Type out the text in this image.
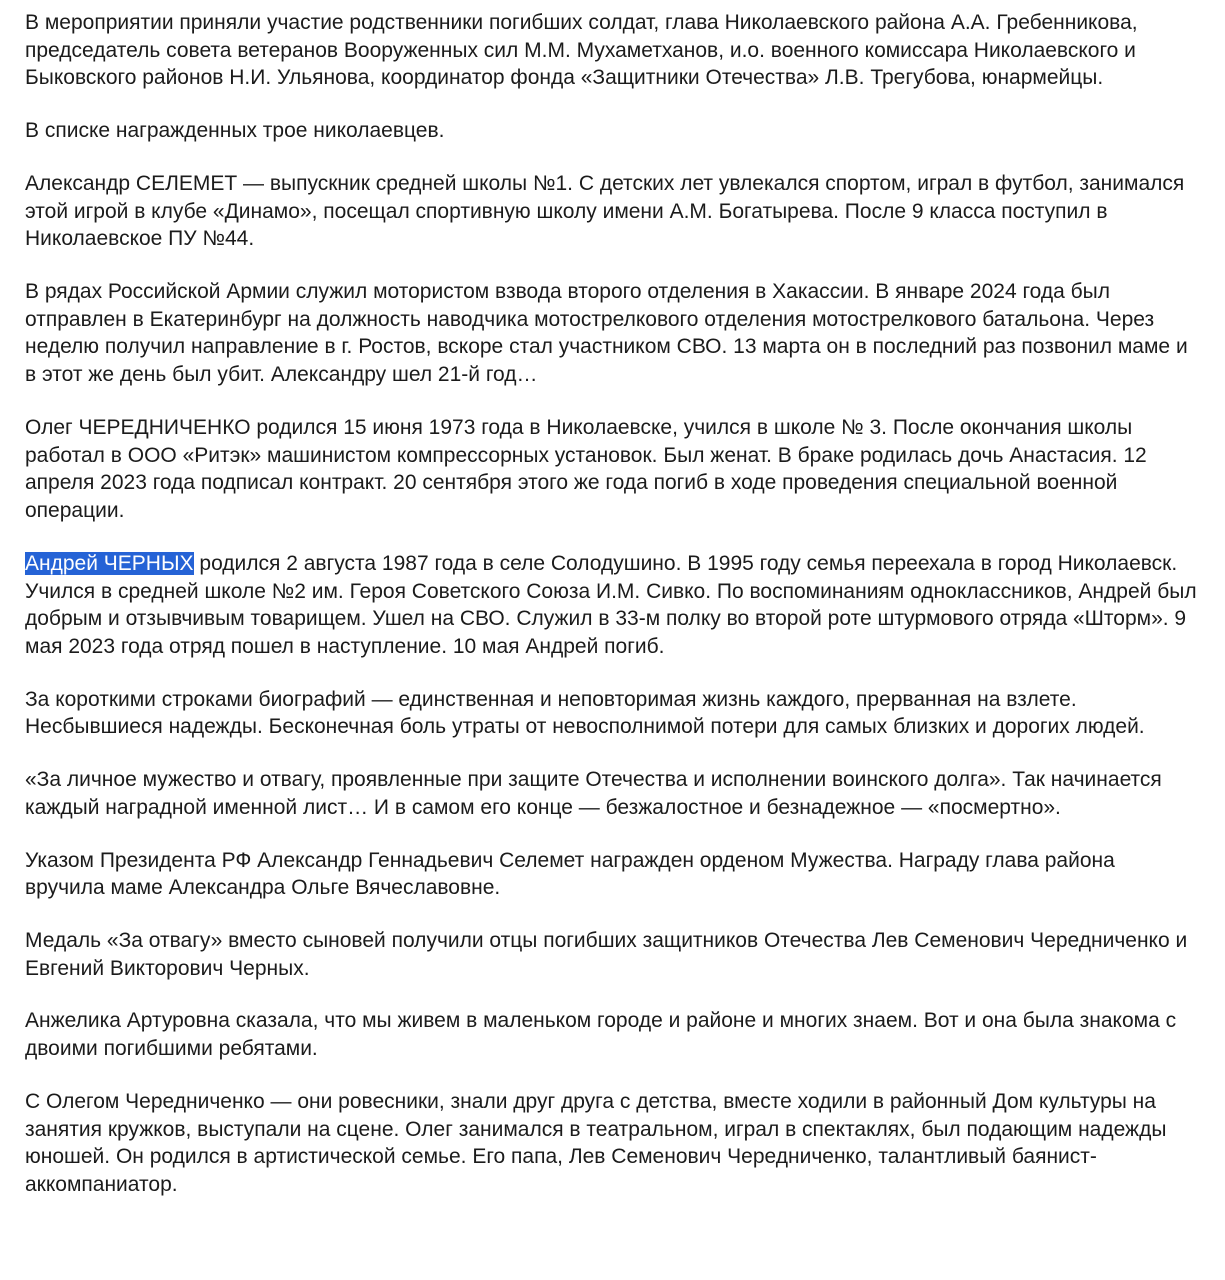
В мероприятии приняли участие родственники погибших солдат, глава Николаевского района А.А. Гребенникова, председатель совета ветеранов Вооруженных сил М.М. Мухаметханов, и.о. военного комиссара Николаевского и Быковского районов Н.И. Ульянова, координатор фонда «Защитники Отечества» Л.В. Трегубова, юнармейцы.

В списке награжденных трое николаевцев.

Александр СЕЛЕМЕТ — выпускник средней школы №1. С детских лет увлекался спортом, играл в футбол, занимался этой игрой в клубе «Динамо», посещал спортивную школу имени А.М. Богатырева. После 9 класса поступил в Николаевское ПУ №44.

В рядах Российской Армии служил мотористом взвода второго отделения в Хакассии. В январе 2024 года был отправлен в Екатеринбург на должность наводчика мотострелкового отделения мотострелкового батальона. Через неделю получил направление в г. Ростов, вскоре стал участником СВО. 13 марта он в последний раз позвонил маме и в этот же день был убит. Александру шел 21-й год…

Олег ЧЕРЕДНИЧЕНКО родился 15 июня 1973 года в Николаевске, учился в школе № 3. После окончания школы работал в ООО «Ритэк» машинистом компрессорных установок. Был женат. В браке родилась дочь Анастасия. 12 апреля 2023 года подписал контракт. 20 сентября этого же года погиб в ходе проведения специальной военной операции.

Андрей ЧЕРНЫХ родился 2 августа 1987 года в селе Солодушино. В 1995 году семья переехала в город Николаевск. Учился в средней школе №2 им. Героя Советского Союза И.М. Сивко. По воспоминаниям одноклассников, Андрей был добрым и отзывчивым товарищем. Ушел на СВО. Служил в 33-м полку во второй роте штурмового отряда «Шторм». 9 мая 2023 года отряд пошел в наступление. 10 мая Андрей погиб.

За короткими строками биографий — единственная и неповторимая жизнь каждого, прерванная на взлете. Несбывшиеся надежды. Бесконечная боль утраты от невосполнимой потери для самых близких и дорогих людей.

«За личное мужество и отвагу, проявленные при защите Отечества и исполнении воинского долга». Так начинается каждый наградной именной лист… И в самом его конце — безжалостное и безнадежное — «посмертно».

Указом Президента РФ Александр Геннадьевич Селемет награжден орденом Мужества. Награду глава района вручила маме Александра Ольге Вячеславовне.

Медаль «За отвагу» вместо сыновей получили отцы погибших защитников Отечества Лев Семенович Чередниченко и Евгений Викторович Черных.

Анжелика Артуровна сказала, что мы живем в маленьком городе и районе и многих знаем. Вот и она была знакома с двоими погибшими ребятами.

С Олегом Чередниченко — они ровесники, знали друг друга с детства, вместе ходили в районный Дом культуры на занятия кружков, выступали на сцене. Олег занимался в театральном, играл в спектаклях, был подающим надежды юношей. Он родился в артистической семье. Его папа, Лев Семенович Чередниченко, талантливый баянист-аккомпаниатор.
